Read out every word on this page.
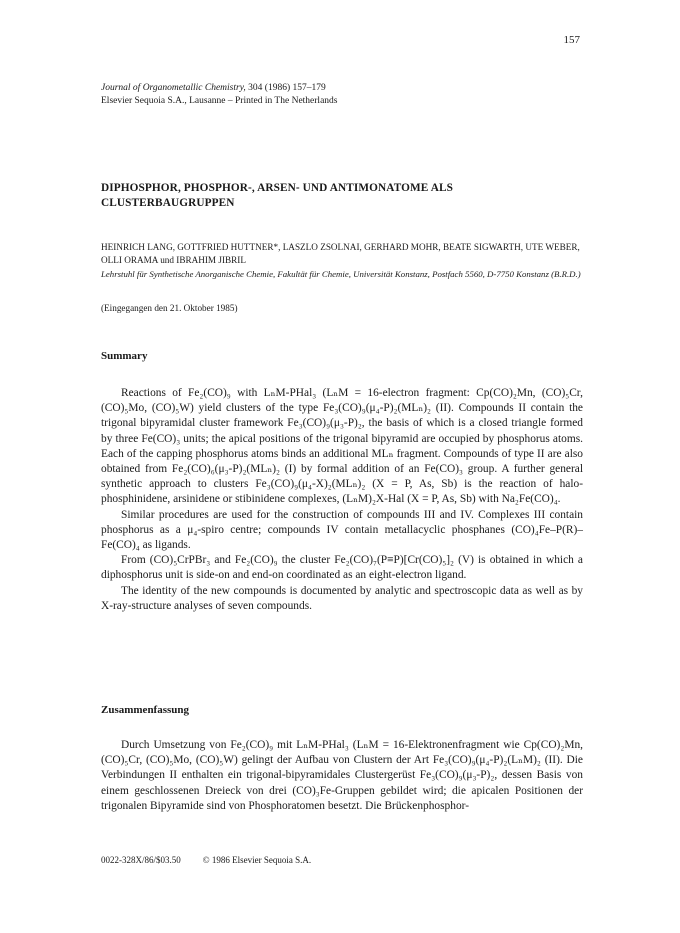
157
Journal of Organometallic Chemistry, 304 (1986) 157–179
Elsevier Sequoia S.A., Lausanne – Printed in The Netherlands
DIPHOSPHOR, PHOSPHOR-, ARSEN- UND ANTIMONATOME ALS CLUSTERBAUGRUPPEN
HEINRICH LANG, GOTTFRIED HUTTNER*, LASZLO ZSOLNAI, GERHARD MOHR, BEATE SIGWARTH, UTE WEBER, OLLI ORAMA und IBRAHIM JIBRIL
Lehrstuhl für Synthetische Anorganische Chemie, Fakultät für Chemie, Universität Konstanz, Postfach 5560, D-7750 Konstanz (B.R.D.)
(Eingegangen den 21. Oktober 1985)
Summary

Reactions of Fe₂(CO)₉ with LₙM-PHal₃ (LₙM = 16-electron fragment: Cp(CO)₂Mn, (CO)₅Cr, (CO)₅Mo, (CO)₅W) yield clusters of the type Fe₃(CO)₉(μ₄-P)₂(MLₙ)₂ (II). Compounds II contain the trigonal bipyramidal cluster framework Fe₃(CO)₉(μ₃-P)₂, the basis of which is a closed triangle formed by three Fe(CO)₃ units; the apical positions of the trigonal bipyramid are occupied by phosphorus atoms. Each of the capping phosphorus atoms binds an additional MLₙ fragment. Compounds of type II are also obtained from Fe₂(CO)₆(μ₃-P)₂(MLₙ)₂ (I) by formal addition of an Fe(CO)₃ group. A further general synthetic approach to clusters Fe₃(CO)₉(μ₄-X)₂(MLₙ)₂ (X = P, As, Sb) is the reaction of halo-phosphinidene, arsinidene or stibinidene complexes, (LₙM)₂X-Hal (X = P, As, Sb) with Na₂Fe(CO)₄.

Similar procedures are used for the construction of compounds III and IV. Complexes III contain phosphorus as a μ₄-spiro centre; compounds IV contain metallacyclic phosphanes (CO)₄Fe–P(R)–Fe(CO)₄ as ligands.

From (CO)₅CrPBr₃ and Fe₂(CO)₉ the cluster Fe₂(CO)₇(P≡P)[Cr(CO)₅]₂ (V) is obtained in which a diphosphorus unit is side-on and end-on coordinated as an eight-electron ligand.

The identity of the new compounds is documented by analytic and spectroscopic data as well as by X-ray-structure analyses of seven compounds.

Zusammenfassung

Durch Umsetzung von Fe₂(CO)₉ mit LₙM-PHal₃ (LₙM = 16-Elektronenfragment wie Cp(CO)₂Mn, (CO)₅Cr, (CO)₅Mo, (CO)₅W) gelingt der Aufbau von Clustern der Art Fe₃(CO)₉(μ₄-P)₂(LₙM)₂ (II). Die Verbindungen II enthalten ein trigonal-bipyramidales Clustergerüst Fe₃(CO)₉(μ₃-P)₂, dessen Basis von einem geschlossenen Dreieck von drei (CO)₃Fe-Gruppen gebildet wird; die apicalen Positionen der trigonalen Bipyramide sind von Phosphoratomen besetzt. Die Brückenphosphor-

0022-328X/86/$03.50 © 1986 Elsevier Sequoia S.A.
